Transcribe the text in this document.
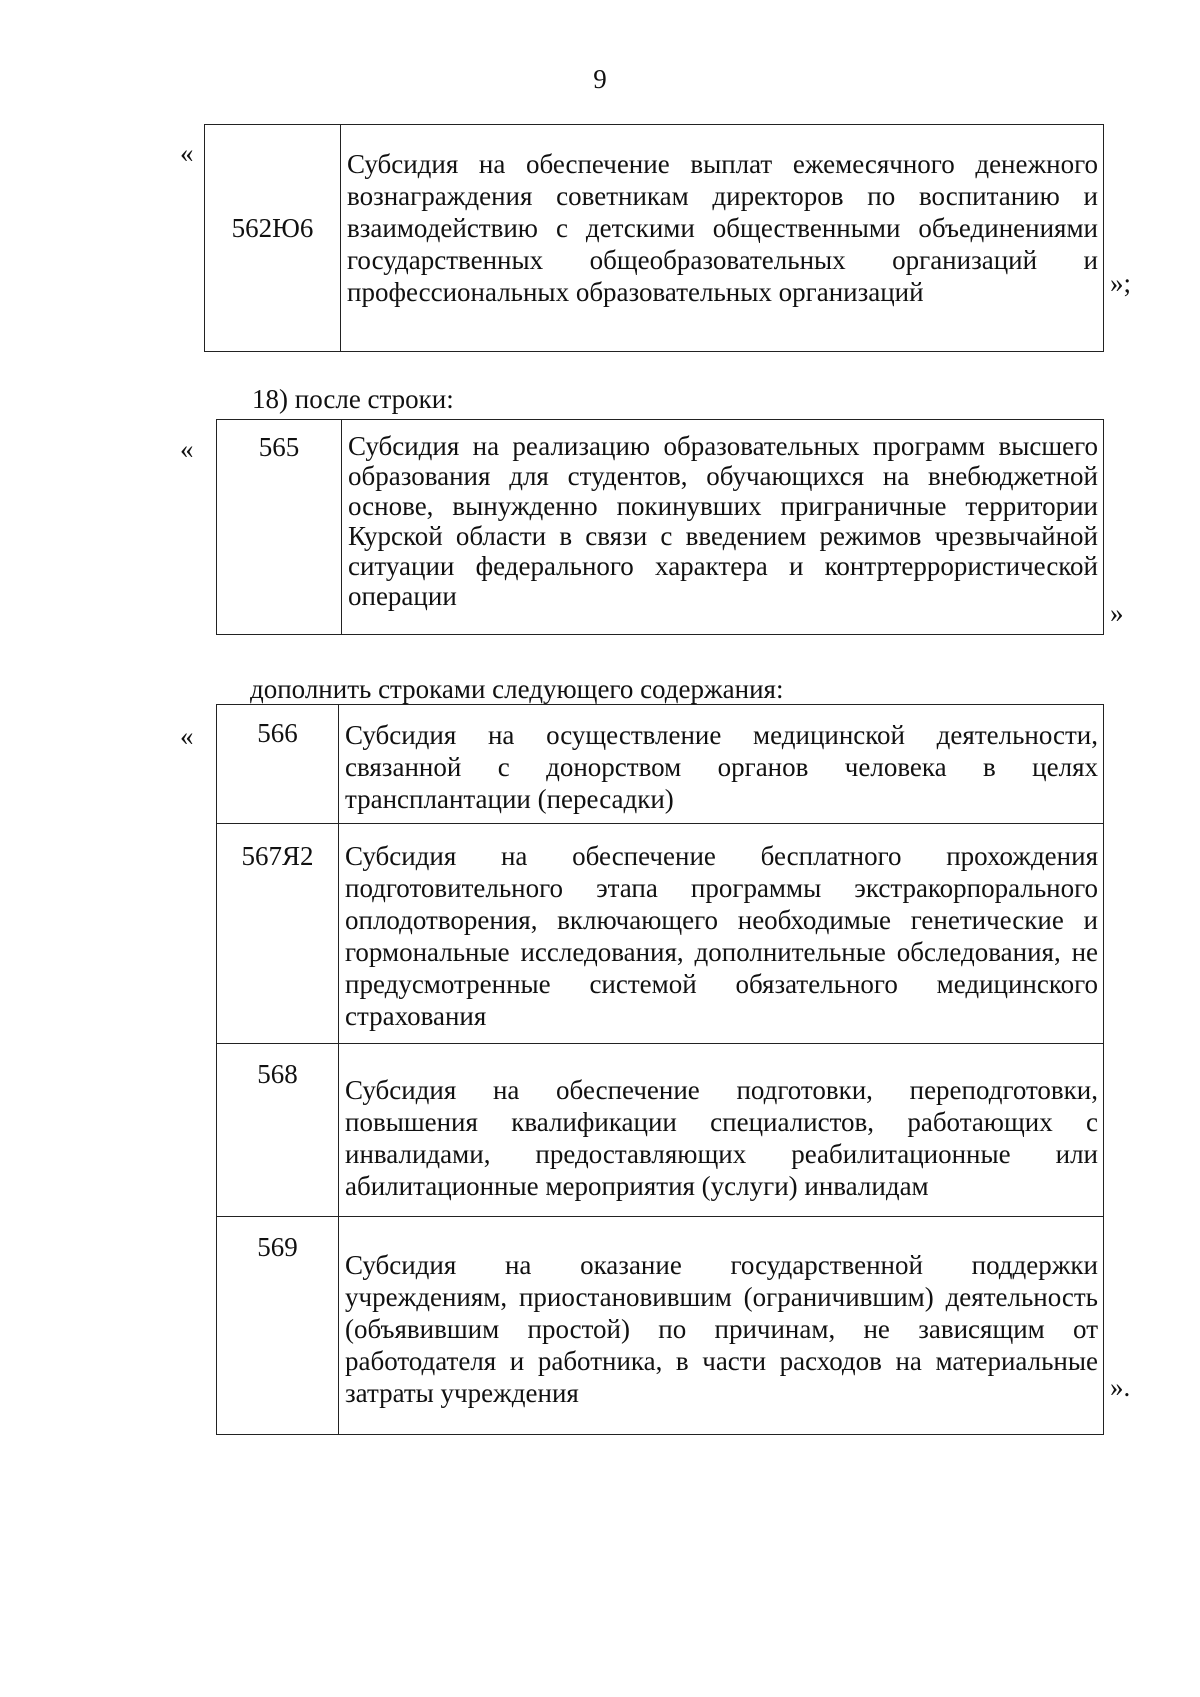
9
«
562Ю6	Субсидия на обеспечение выплат ежемесячного денежного вознаграждения советникам директоров по воспитанию и взаимодействию с детскими общественными объединениями государственных общеобразовательных организаций и профессиональных образовательных организаций	»;
18) после строки:
« 565	Субсидия на реализацию образовательных программ высшего образования для студентов, обучающихся на внебюджетной основе, вынужденно покинувших приграничные территории Курской области в связи с введением режимов чрезвычайной ситуации федерального характера и контртеррористической операции
»
дополнить строками следующего содержания:
« 566	Субсидия на осуществление медицинской деятельности, связанной с донорством органов человека в целях трансплантации (пересадки)
567Я2	Субсидия на обеспечение бесплатного прохождения подготовительного этапа программы экстракорпорального оплодотворения, включающего необходимые генетические и гормональные исследования, дополнительные обследования, не предусмотренные системой обязательного медицинского страхования
568	Субсидия на обеспечение подготовки, переподготовки, повышения квалификации специалистов, работающих с инвалидами, предоставляющих реабилитационные или абилитационные мероприятия (услуги) инвалидам
569	Субсидия на оказание государственной поддержки учреждениям, приостановившим (ограничившим) деятельность (объявившим простой) по причинам, не зависящим от работодателя и работника, в части расходов на материальные затраты учреждения	».
